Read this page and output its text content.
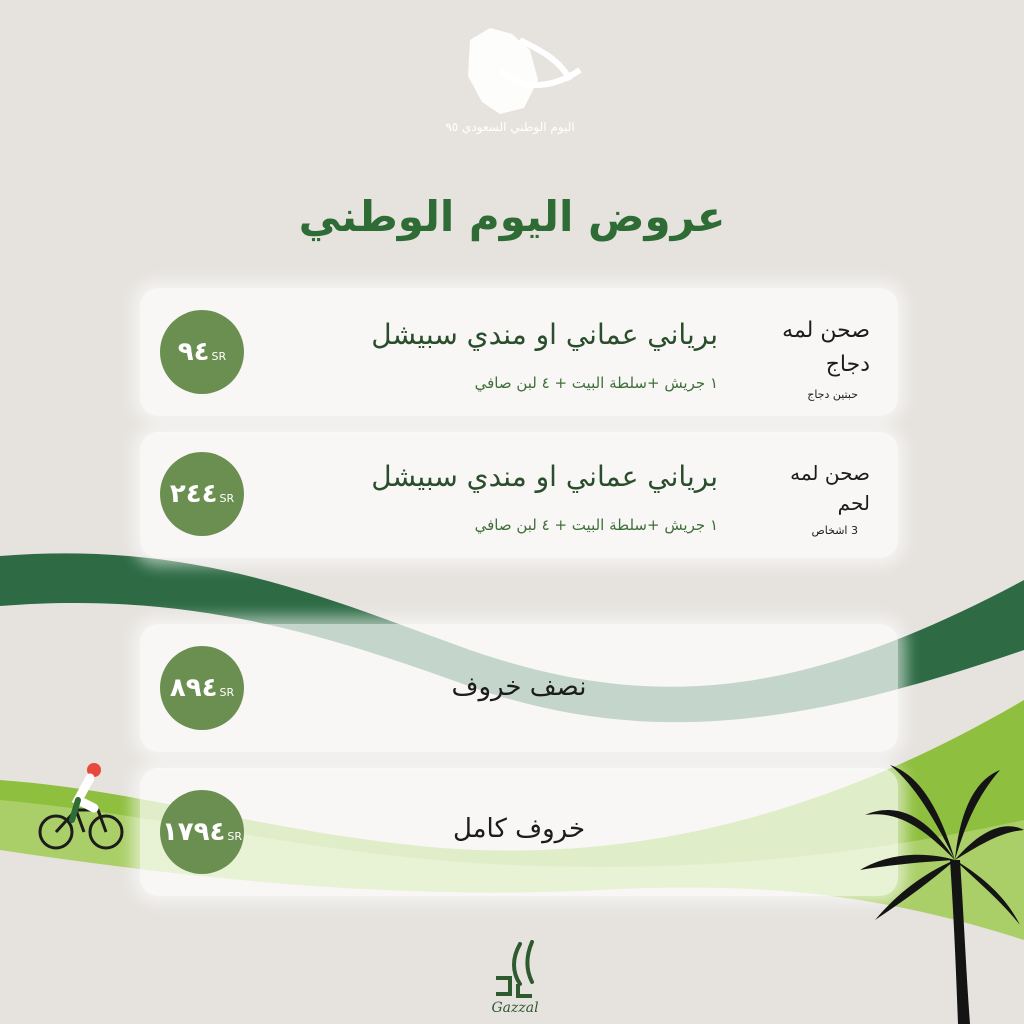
اليوم الوطني السعودي ٩٥
عروض اليوم الوطني
٩٤ SR
برياني عماني او مندي سبيشل
١ جريش +سلطة البيت + ٤ لبن صافي
صحن لمه دجاج
حبتين دجاج
٢٤٤ SR
برياني عماني او مندي سبيشل
١ جريش +سلطة البيت + ٤ لبن صافي
صحن لمه لحم
3 اشخاص
٨٩٤ SR	نصف خروف
١٧٩٤ SR	خروف كامل
Gazzal
